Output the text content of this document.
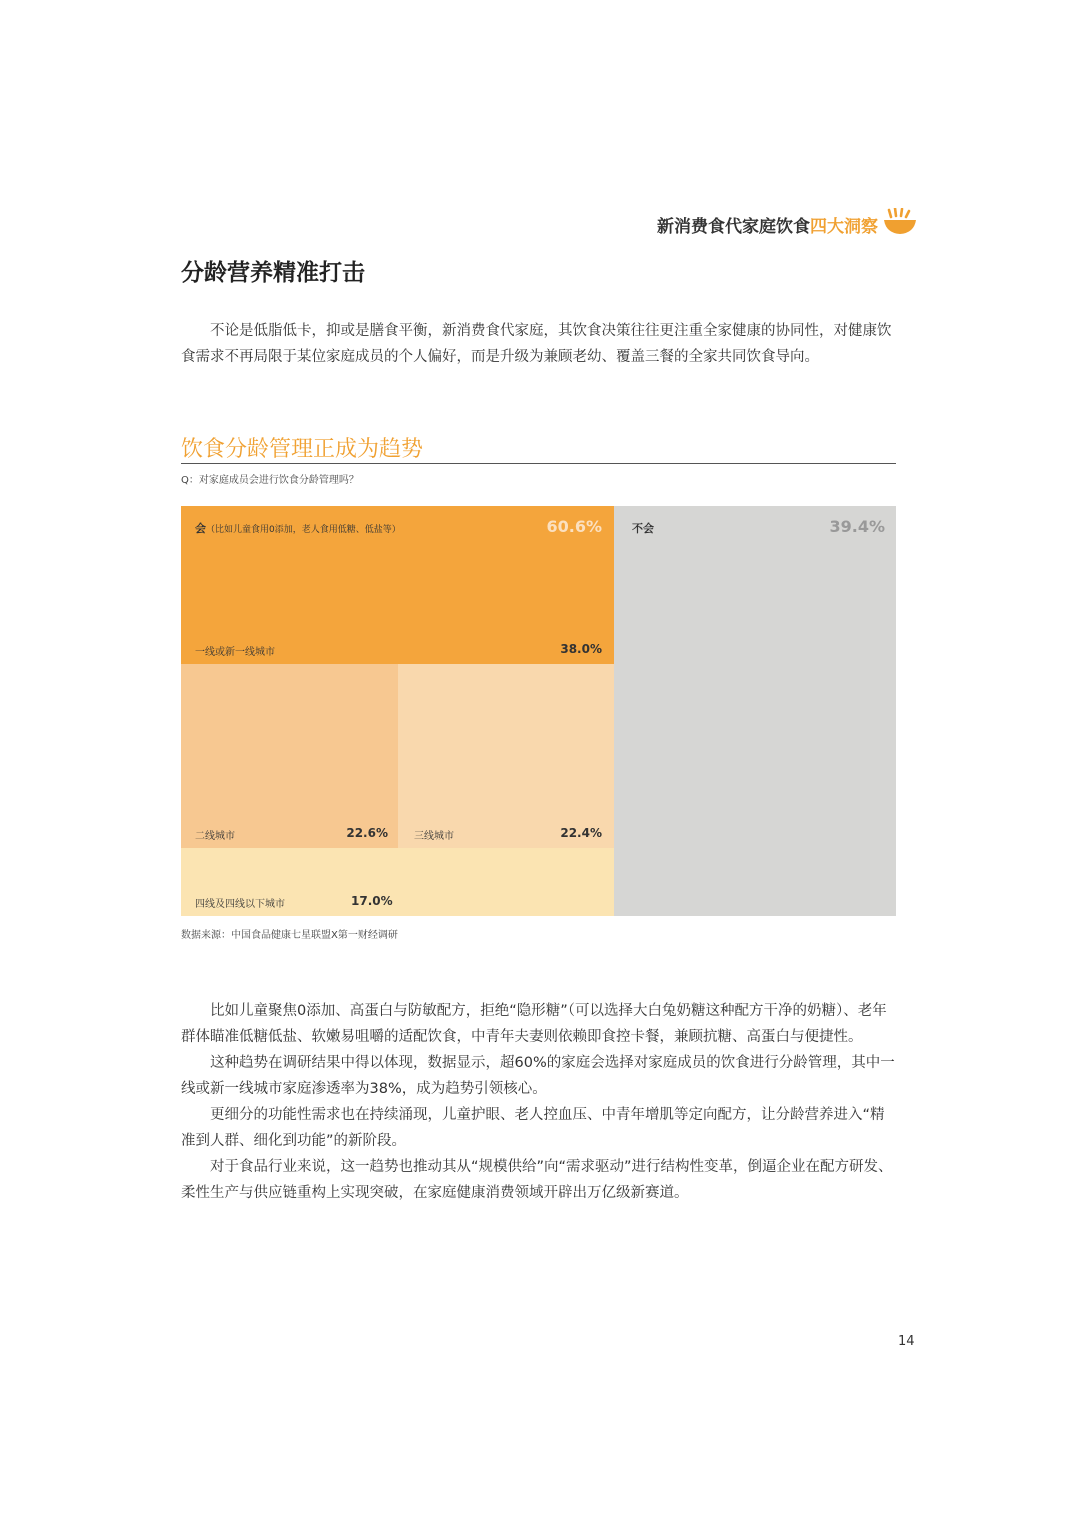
新消费食代家庭饮食四大洞察
分龄营养精准打击

不论是低脂低卡，抑或是膳食平衡，新消费食代家庭，其饮食决策往往更注重全家健康的协同性，对健康饮食需求不再局限于某位家庭成员的个人偏好，而是升级为兼顾老幼、覆盖三餐的全家共同饮食导向。

饮食分龄管理正成为趋势
Q：对家庭成员会进行饮食分龄管理吗？
会（比如儿童食用0添加，老人食用低糖、低盐等）	60.6%
一线或新一线城市	38.0%
二线城市	22.6%	三线城市	22.4%
四线及四线以下城市	17.0%
不会	39.4%
数据来源：中国食品健康七星联盟X第一财经调研

比如儿童聚焦0添加、高蛋白与防敏配方，拒绝“隐形糖”（可以选择大白兔奶糖这种配方干净的奶糖）、老年群体瞄准低糖低盐、软嫩易咀嚼的适配饮食，中青年夫妻则依赖即食控卡餐，兼顾抗糖、高蛋白与便捷性。

这种趋势在调研结果中得以体现，数据显示，超60%的家庭会选择对家庭成员的饮食进行分龄管理，其中一线或新一线城市家庭渗透率为38%，成为趋势引领核心。

更细分的功能性需求也在持续涌现，儿童护眼、老人控血压、中青年增肌等定向配方，让分龄营养进入“精准到人群、细化到功能”的新阶段。

对于食品行业来说，这一趋势也推动其从“规模供给”向“需求驱动”进行结构性变革，倒逼企业在配方研发、柔性生产与供应链重构上实现突破，在家庭健康消费领域开辟出万亿级新赛道。

14
